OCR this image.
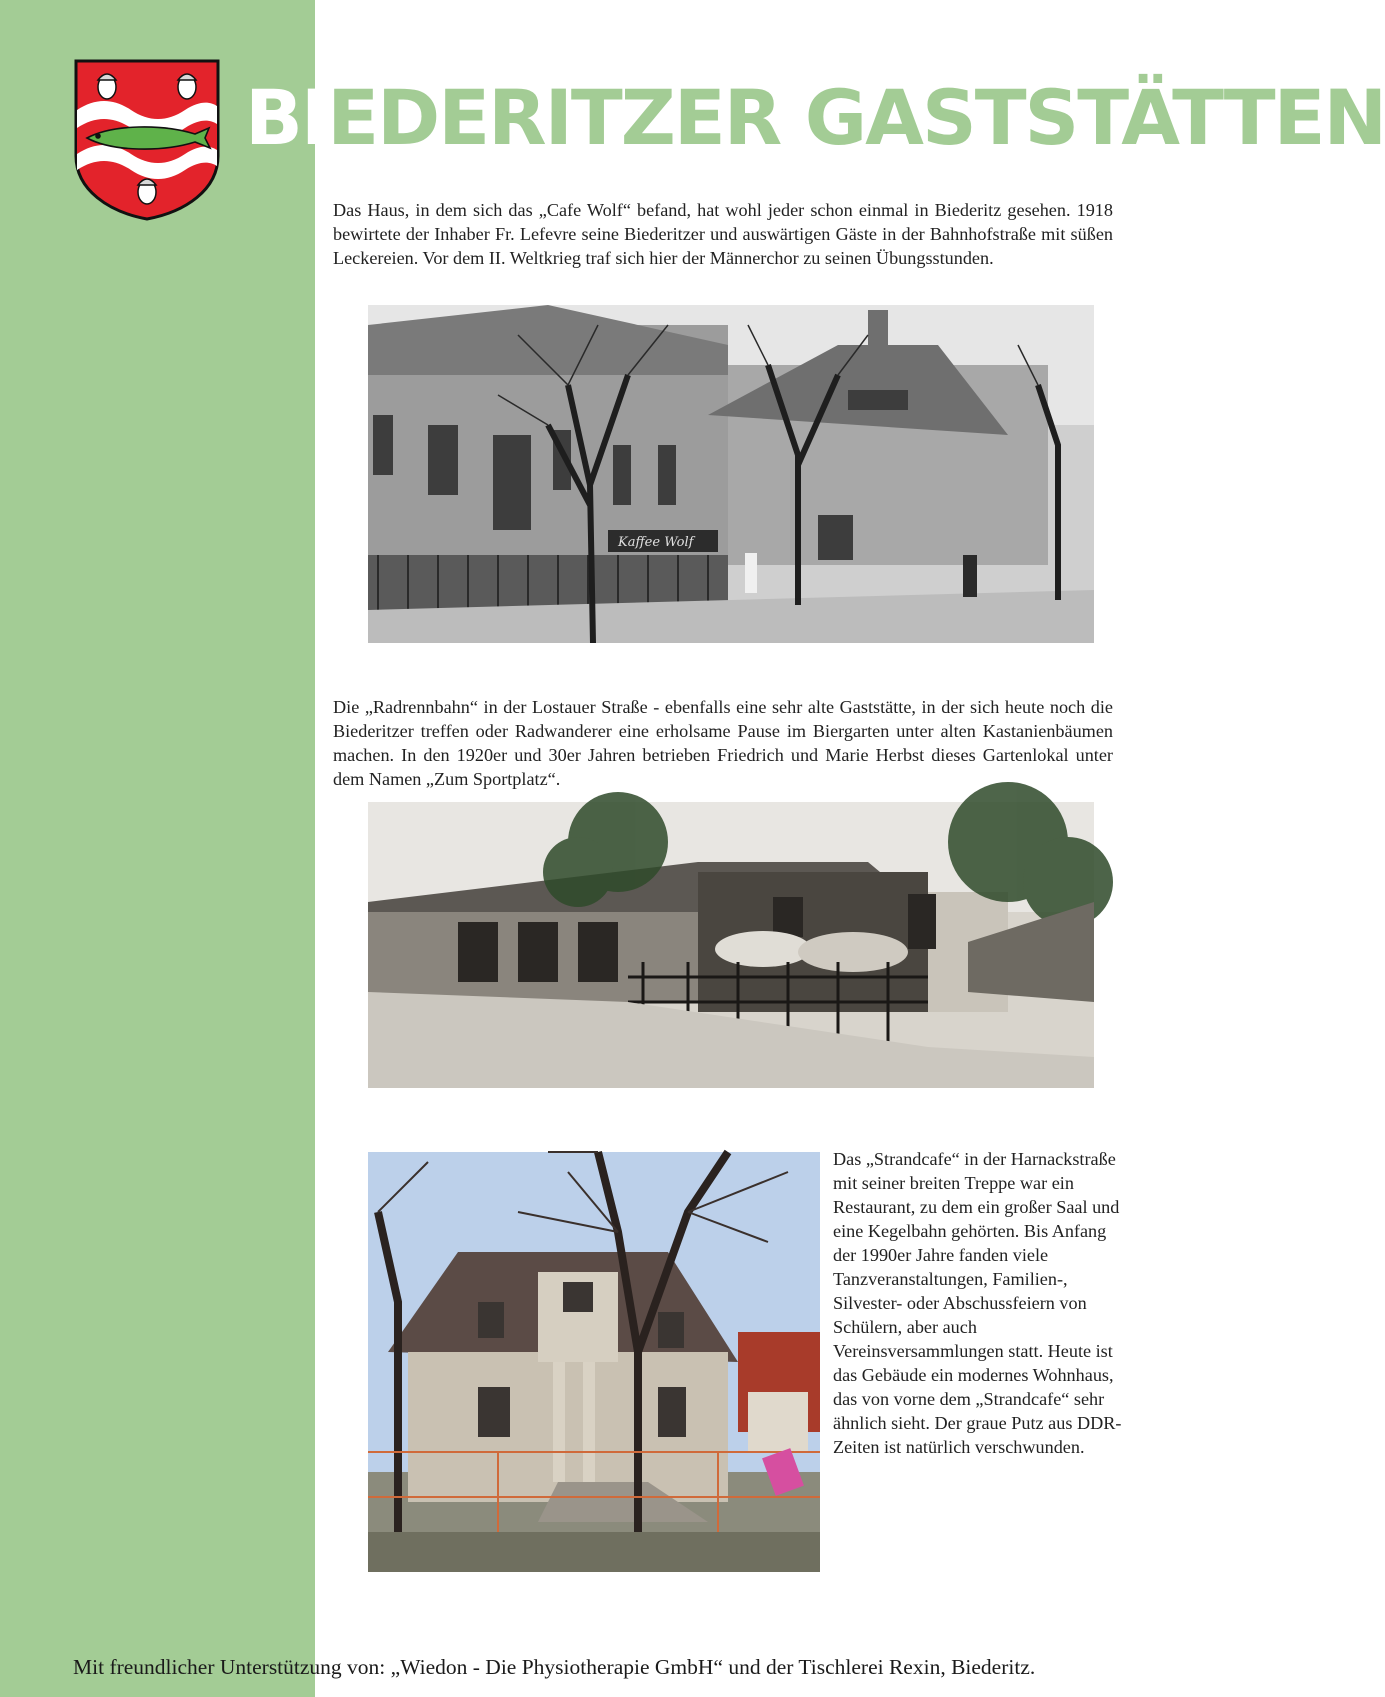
BIEDERITZER GASTSTÄTTEN

Das Haus, in dem sich das „Cafe Wolf“ befand, hat wohl jeder schon einmal in Biederitz gesehen. 1918 bewirtete der Inhaber Fr. Lefevre seine Biederitzer und auswärtigen Gäste in der Bahnhofstraße mit süßen Leckereien. Vor dem II. Weltkrieg traf sich hier der Männerchor zu seinen Übungsstunden.

Kaffee Wolf

Die „Radrennbahn“ in der Lostauer Straße - ebenfalls eine sehr alte Gaststätte, in der sich heute noch die Biederitzer treffen oder Radwanderer eine erholsame Pause im Biergarten unter alten Kastanienbäumen machen. In den 1920er und 30er Jahren betrieben Friedrich und Marie Herbst dieses Gartenlokal unter dem Namen „Zum Sportplatz“.

Das „Strandcafe“ in der Harnackstraße mit seiner breiten Treppe war ein Restaurant, zu dem ein großer Saal und eine Kegelbahn gehörten. Bis Anfang der 1990er Jahre fanden viele Tanzveranstaltungen, Familien-, Silvester- oder Abschussfeiern von Schülern, aber auch Vereinsversammlungen statt. Heute ist das Gebäude ein modernes Wohnhaus, das von vorne dem „Strandcafe“ sehr ähnlich sieht. Der graue Putz aus DDR-Zeiten ist natürlich verschwunden.

Mit freundlicher Unterstützung von: „Wiedon - Die Physiotherapie GmbH“ und der Tischlerei Rexin, Biederitz.
